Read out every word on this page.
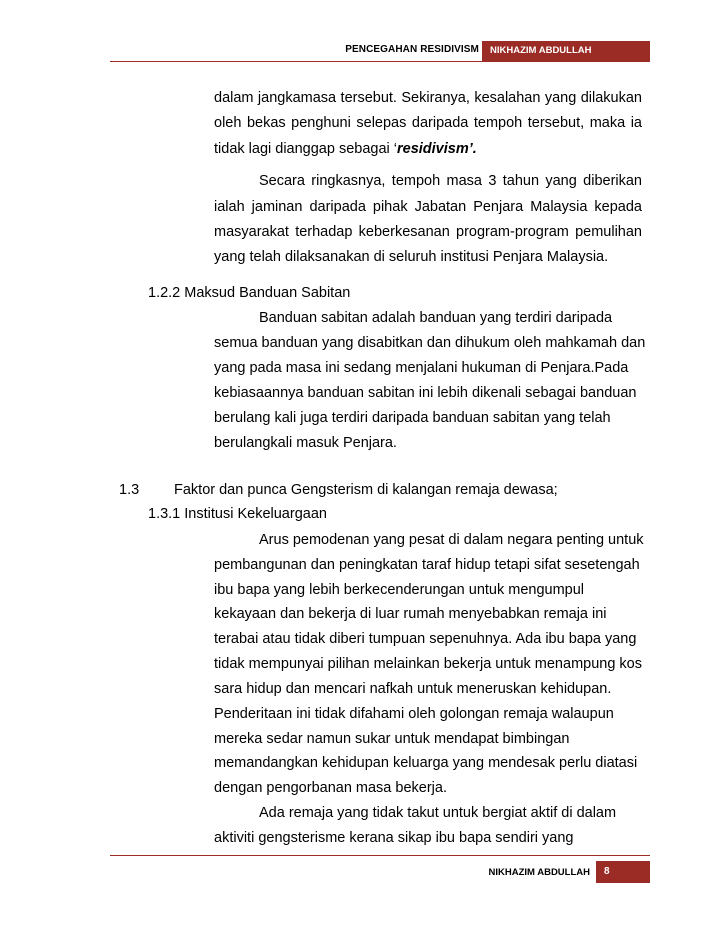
PENCEGAHAN RESIDIVISM	NIKHAZIM ABDULLAH
dalam jangkamasa tersebut. Sekiranya, kesalahan yang dilakukan
oleh bekas penghuni selepas daripada tempoh tersebut, maka ia
tidak lagi dianggap sebagai ‘residivism’.
Secara ringkasnya, tempoh masa 3 tahun yang diberikan
ialah jaminan daripada pihak Jabatan Penjara Malaysia kepada
masyarakat terhadap keberkesanan program-program pemulihan
yang telah dilaksanakan di seluruh institusi Penjara Malaysia.
1.2.2 Maksud Banduan Sabitan
Banduan sabitan adalah banduan yang terdiri daripada
semua banduan yang disabitkan dan dihukum oleh mahkamah dan
yang pada masa ini sedang menjalani hukuman di Penjara.Pada
kebiasaannya banduan sabitan ini lebih dikenali sebagai banduan
berulang kali juga terdiri daripada banduan sabitan yang telah
berulangkali masuk Penjara.
1.3 Faktor dan punca Gengsterism di kalangan remaja dewasa;
1.3.1 Institusi Kekeluargaan
Arus pemodenan yang pesat di dalam negara penting untuk
pembangunan dan peningkatan taraf hidup tetapi sifat sesetengah
ibu bapa yang lebih berkecenderungan untuk mengumpul
kekayaan dan bekerja di luar rumah menyebabkan remaja ini
terabai atau tidak diberi tumpuan sepenuhnya. Ada ibu bapa yang
tidak mempunyai pilihan melainkan bekerja untuk menampung kos
sara hidup dan mencari nafkah untuk meneruskan kehidupan.
Penderitaan ini tidak difahami oleh golongan remaja walaupun
mereka sedar namun sukar untuk mendapat bimbingan
memandangkan kehidupan keluarga yang mendesak perlu diatasi
dengan pengorbanan masa bekerja.
Ada remaja yang tidak takut untuk bergiat aktif di dalam
aktiviti gengsterisme kerana sikap ibu bapa sendiri yang
NIKHAZIM ABDULLAH	8
